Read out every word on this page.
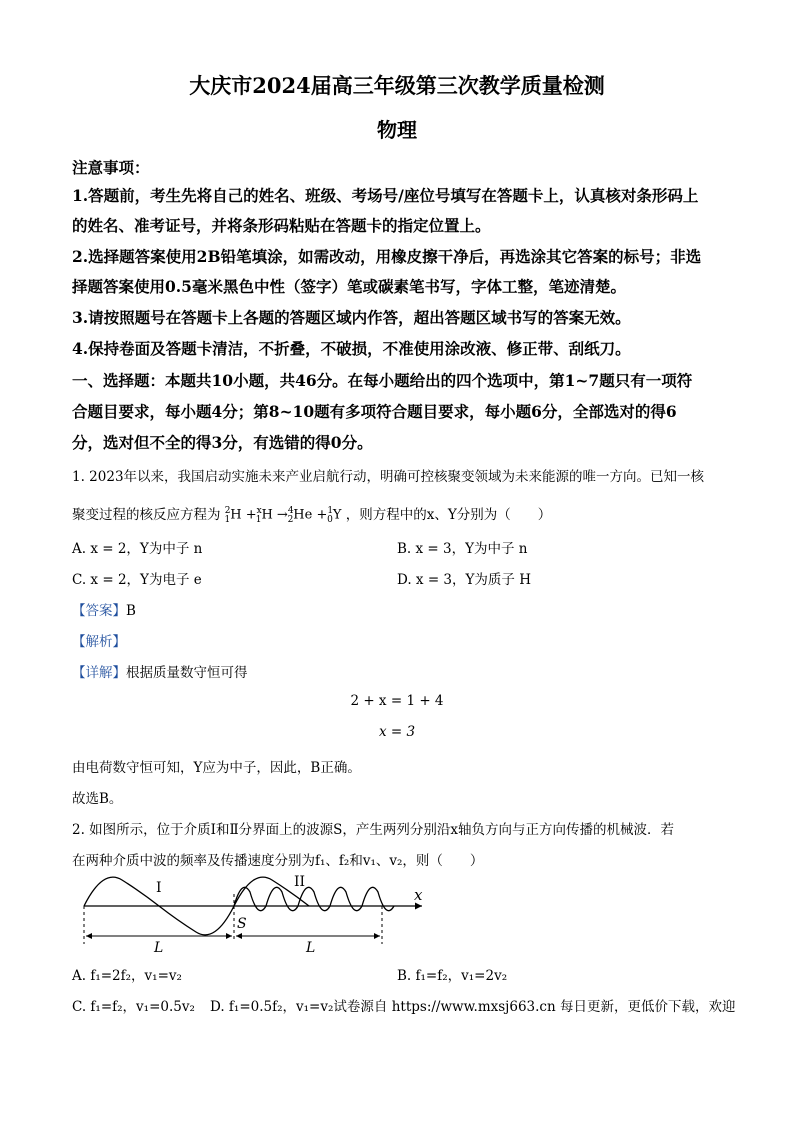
大庆市2024届高三年级第三次教学质量检测
物理
注意事项：
1.答题前，考生先将自己的姓名、班级、考场号/座位号填写在答题卡上，认真核对条形码上
的姓名、准考证号，并将条形码粘贴在答题卡的指定位置上。
2.选择题答案使用2B铅笔填涂，如需改动，用橡皮擦干净后，再选涂其它答案的标号；非选
择题答案使用0.5毫米黑色中性（签字）笔或碳素笔书写，字体工整，笔迹清楚。
3.请按照题号在答题卡上各题的答题区域内作答，超出答题区域书写的答案无效。
4.保持卷面及答题卡清洁，不折叠，不破损，不准使用涂改液、修正带、刮纸刀。
一、选择题：本题共10小题，共46分。在每小题给出的四个选项中，第1~7题只有一项符
合题目要求，每小题4分；第8~10题有多项符合题目要求，每小题6分，全部选对的得6
分，选对但不全的得3分，有选错的得0分。
1. 2023年以来，我国启动实施未来产业启航行动，明确可控核聚变领域为未来能源的唯一方向。已知一核
聚变过程的核反应方程为 $^2_1$H +$^x_1$H →$^4_2$He +$^1_0$Y ，则方程中的x、Y分别为（　　）
A. x = 2，Y为中子 n	B. x = 3，Y为中子 n
C. x = 2，Y为电子 e	D. x = 3，Y为质子 H
【答案】B
【解析】
【详解】根据质量数守恒可得
2 + x = 1 + 4
x = 3
由电荷数守恒可知，Y应为中子，因此，B正确。
故选B。
2. 如图所示，位于介质Ⅰ和Ⅱ分界面上的波源S，产生两列分别沿x轴负方向与正方向传播的机械波．若
在两种介质中波的频率及传播速度分别为f₁、f₂和v₁、v₂，则（　　）
I	II
S
x
L	L
A. f₁=2f₂，v₁=v₂	B. f₁=f₂，v₁=2v₂
C. f₁=f₂，v₁=0.5v₂ D. f₁=0.5f₂，v₁=v₂试卷源自 https://www.mxsj663.cn 每日更新，更低价下载，欢迎
